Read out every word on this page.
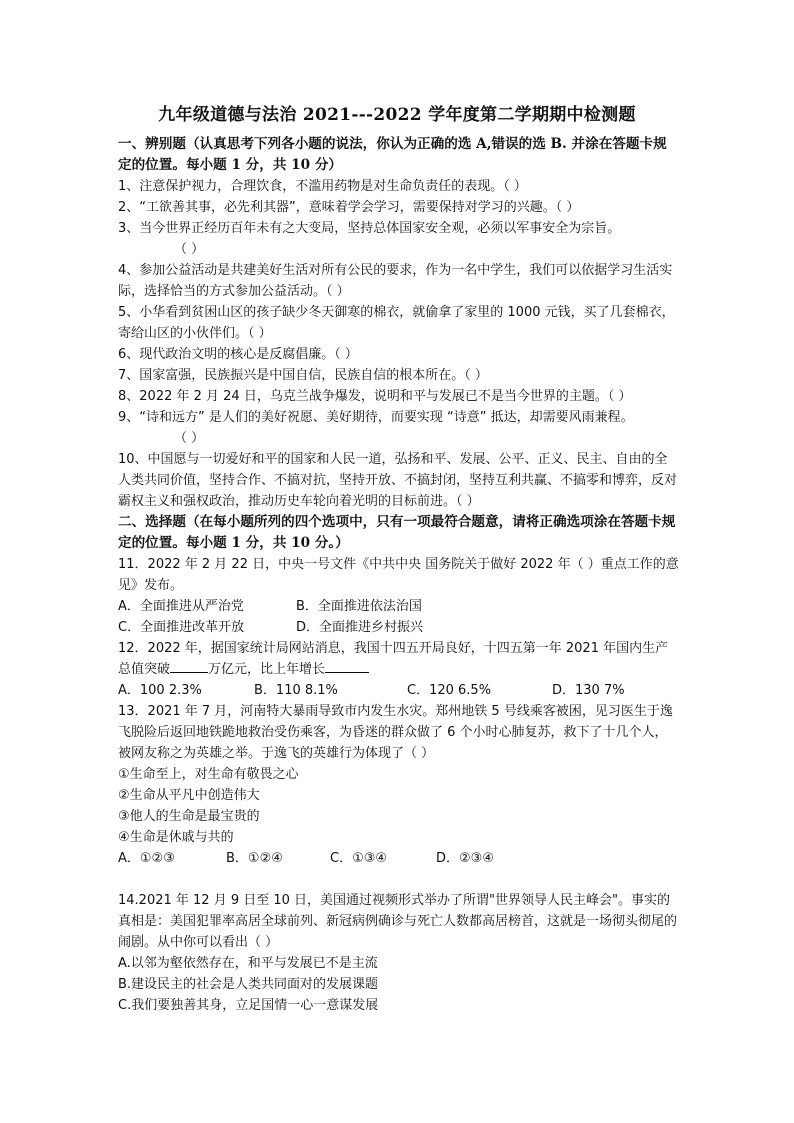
九年级道德与法治 2021---2022 学年度第二学期期中检测题
一、辨别题（认真思考下列各小题的说法，你认为正确的选 A,错误的选 B. 并涂在答题卡规定的位置。每小题 1 分，共 10 分）

1、注意保护视力，合理饮食，不滥用药物是对生命负责任的表现。（ ）

2、“工欲善其事，必先利其器”，意味着学会学习，需要保持对学习的兴趣。（ ）

3、当今世界正经历百年未有之大变局，坚持总体国家安全观，必须以军事安全为宗旨。

（ ）

4、参加公益活动是共建美好生活对所有公民的要求，作为一名中学生，我们可以依据学习生活实际，选择恰当的方式参加公益活动。（ ）

5、小华看到贫困山区的孩子缺少冬天御寒的棉衣，就偷拿了家里的 1000 元钱，买了几套棉衣，寄给山区的小伙伴们。（ ）

6、现代政治文明的核心是反腐倡廉。（ ）

7、国家富强，民族振兴是中国自信，民族自信的根本所在。（ ）

8、2022 年 2 月 24 日，乌克兰战争爆发，说明和平与发展已不是当今世界的主题。（ ）

9、“诗和远方” 是人们的美好祝愿、美好期待，而要实现 “诗意” 抵达，却需要风雨兼程。

（ ）

10、中国愿与一切爱好和平的国家和人民一道，弘扬和平、发展、公平、正义、民主、自由的全人类共同价值，坚持合作、不搞对抗，坚持开放、不搞封闭，坚持互利共赢、不搞零和博弈，反对霸权主义和强权政治，推动历史车轮向着光明的目标前进。（ ）

二、选择题（在每小题所列的四个选项中，只有一项最符合题意，请将正确选项涂在答题卡规定的位置。每小题 1 分，共 10 分。）

11．2022 年 2 月 22 日，中央一号文件《中共中央 国务院关于做好 2022 年（ ）重点工作的意见》发布。

A．全面推进从严治党	B．全面推进依法治国
C．全面推进改革开放	D．全面推进乡村振兴

12．2022 年，据国家统计局网站消息，我国十四五开局良好，十四五第一年 2021 年国内生产总值突破	万亿元，比上年增长

A．100 2.3%	B．110 8.1%	C．120 6.5%	D．130 7%

13．2021 年 7 月，河南特大暴雨导致市内发生水灾。郑州地铁 5 号线乘客被困，见习医生于逸飞脱险后返回地铁跪地救治受伤乘客，为昏迷的群众做了 6 个小时心肺复苏，救下了十几个人，被网友称之为英雄之举。于逸飞的英雄行为体现了（ ）

①生命至上，对生命有敬畏之心

②生命从平凡中创造伟大

③他人的生命是最宝贵的

④生命是休戚与共的

A．①②③	B．①②④	C．①③④	D．②③④

14.2021 年 12 月 9 日至 10 日，美国通过视频形式举办了所谓"世界领导人民主峰会"。事实的真相是：美国犯罪率高居全球前列、新冠病例确诊与死亡人数都高居榜首，这就是一场彻头彻尾的闹剧。从中你可以看出（ ）

A.以邻为壑依然存在，和平与发展已不是主流

B.建设民主的社会是人类共同面对的发展课题

C.我们要独善其身，立足国情一心一意谋发展
